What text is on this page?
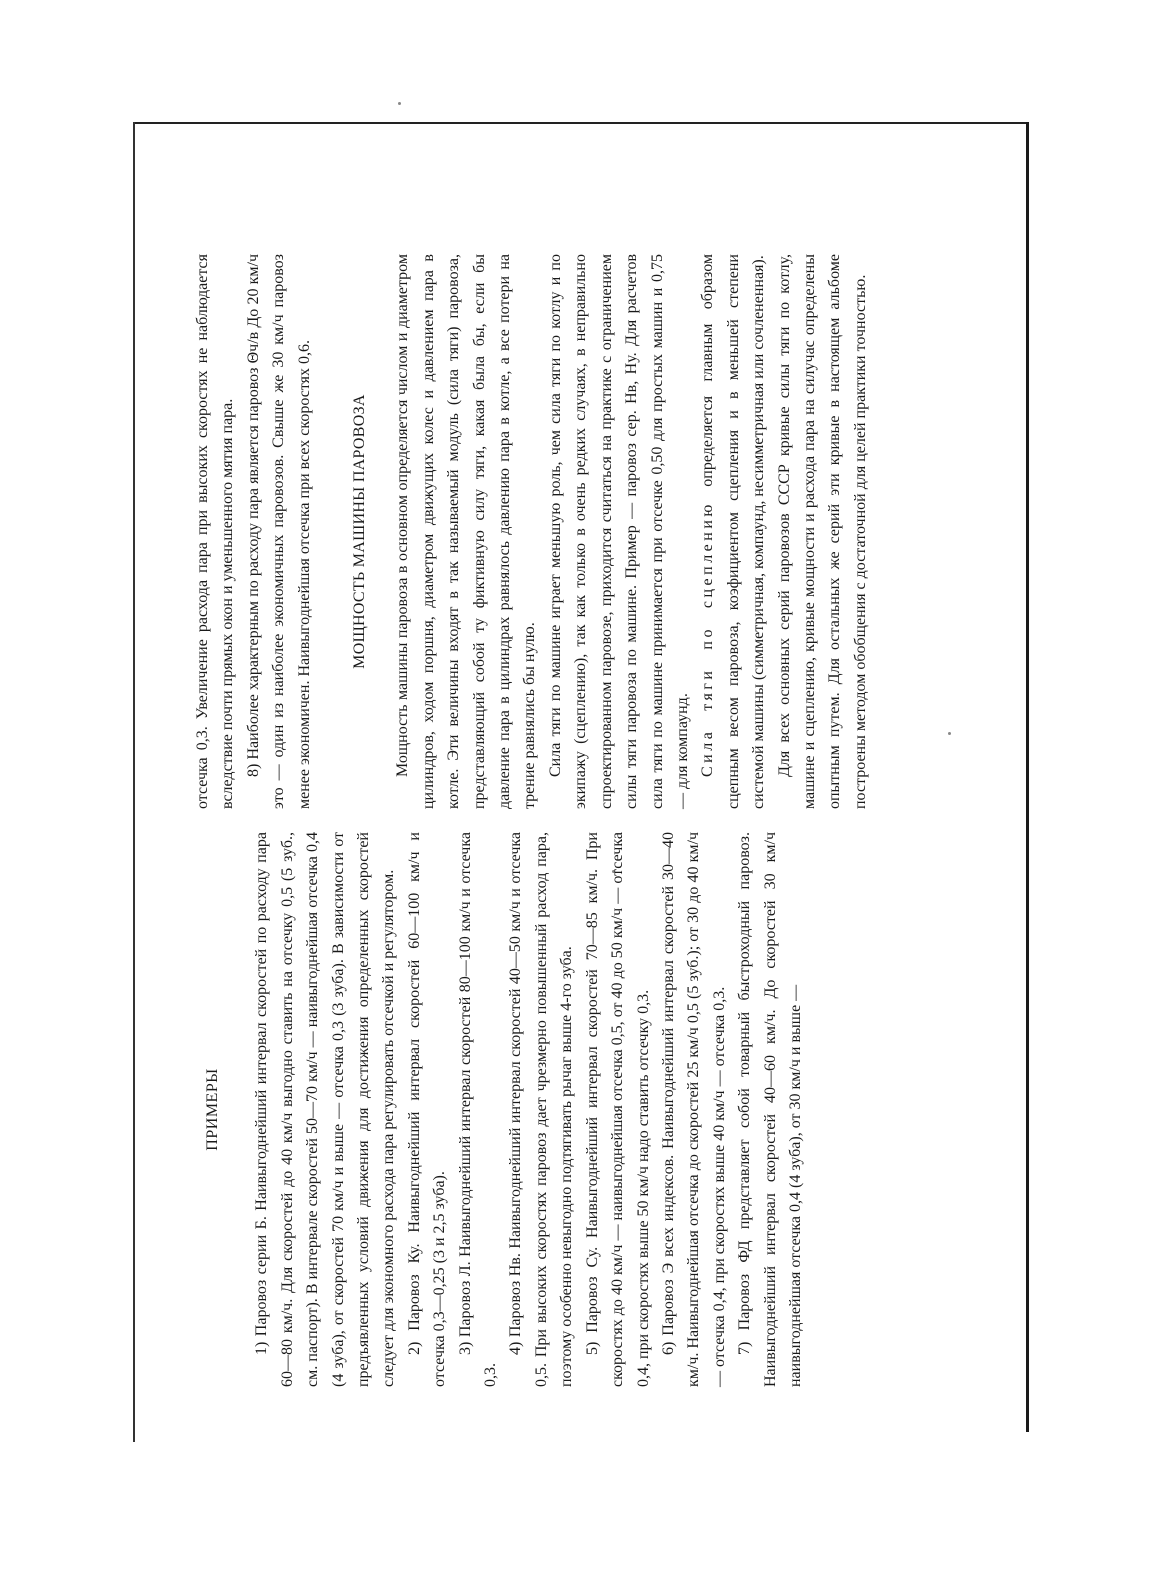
ПРИМЕРЫ 1) Паровоз серии Б. Наивыгоднейший интервал скоростей по расходу пара 60—80 км/ч. Для скоростей до 40 км/ч выгодно ставить на отсечку 0,5 (5 зуб., см. паспорт). В интервале скоростей 50—70 км/ч — наивыгоднейшая отсечка 0,4 (4 зуба), от скоростей 70 км/ч и выше — отсечка 0,3 (3 зуба). В зависимости от предъявленных условий движения для достижения определенных скоростей следует для экономного расхода пара регулировать отсечкой и регулятором. 2) Паровоз Ку. Наивыгоднейший интервал скоростей 60—100 км/ч и отсечка 0,3—0,25 (3 и 2,5 зуба). 3) Паровоз Л. Наивыгоднейший интервал скоростей 80—100 км/ч и отсечка 0,3.

4) Паровоз Нв. Наивыгоднейший интервал скоростей 40—50 км/ч и отсечка 0,5. При высоких скоростях паровоз дает чрезмерно повышенный расход пара, поэтому особенно невыгодно подтягивать рычаг выше 4-го зуба. 5) Паровоз Су. Наивыгоднейший интервал скоростей 70—85 км/ч. При скоростях до 40 км/ч — наивыгоднейшая отсечка 0,5, от 40 до 50 км/ч — отсечка 0,4, при скоростях выше 50 км/ч надо ставить отсечку 0,3. 6) Паровоз Э всех индексов. Наивыгоднейший интервал скоростей 30—40 км/ч. Наивыгоднейшая отсечка до скоростей 25 км/ч 0,5 (5 зуб.); от 30 до 40 км/ч — отсечка 0,4, при скоростях выше 40 км/ч — отсечка 0,3. 7) Паровоз ФД представляет собой товарный быстроходный паровоз. Наивыгоднейший интервал скоростей 40—60 км/ч. До скоростей 30 км/ч наивыгоднейшая отсечка 0,4 (4 зуба), от 30 км/ч и выше —

отсечка 0,3. Увеличение расхода пара при высоких скоростях не наблюдается вследствие почти прямых окон и уменьшенного мятия пара. 8) Наиболее характерным по расходу пара является паровоз Θч/в До 20 км/ч это — один из наиболее экономичных паровозов. Свыше же 30 км/ч паровоз менее экономичен. Наивыгоднейшая отсечка при всех скоростях 0,6. МОЩНОСТЬ МАШИНЫ ПАРОВОЗА Мощность машины паровоза в основном определяется числом и диаметром цилиндров, ходом поршня, диаметром движущих колес и давлением пара в котле. Эти величины входят в так называемый модуль (сила тяги) паровоза, представляющий собой ту фиктивную силу тяги, какая была бы, если бы давление пара в цилиндрах равнялось давлению пара в котле, а все потери на трение равнялись бы нулю. Сила тяги по машине играет меньшую роль, чем сила тяги по котлу и по экипажу (сцеплению), так как только в очень редких случаях, в неправильно спроектированном паровозе, приходится считаться на практике с ограничением силы тяги паровоза по машине. Пример — паровоз сер. Нв, Ну. Для расчетов сила тяги по машине принимается при отсечке 0,50 для простых машин и 0,75 — для компаунд. Сила тяги по сцеплению определяется главным образом сцепным весом паровоза, коэфициентом сцепления и в меньшей степени системой машины (симметричная, компаунд, несимметричная или сочлененная). Для всех основных серий паровозов СССР кривые силы тяги по котлу, машине и сцеплению, кривые мощности и расхода пара на силучас определены опытным путем. Для остальных же серий эти кривые в настоящем альбоме построены методом обобщения с достаточной для целей практики точностью.
